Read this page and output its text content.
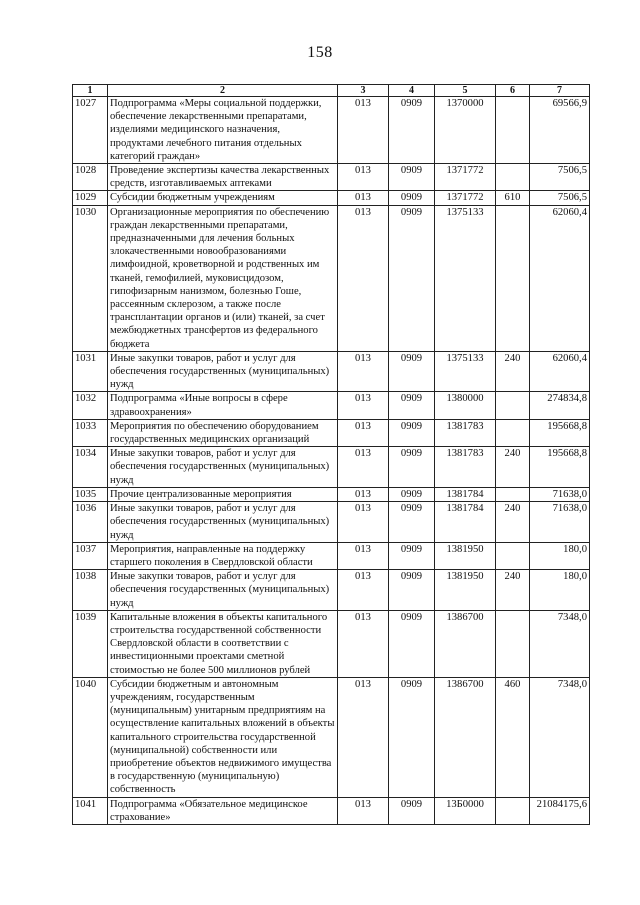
158
1	2	3	4	5	6	7
1027	Подпрограмма «Меры социальной поддержки, обеспечение лекарственными препаратами, изделиями медицинского назначения, продуктами лечебного питания отдельных категорий граждан»	013	0909	1370000		69566,9
1028	Проведение экспертизы качества лекарственных средств, изготавливаемых аптеками	013	0909	1371772		7506,5
1029	Субсидии бюджетным учреждениям	013	0909	1371772	610	7506,5
1030	Организационные мероприятия по обеспечению граждан лекарственными препаратами, предназначенными для лечения больных злокачественными новообразованиями лимфоидной, кроветворной и родственных им тканей, гемофилией, муковисцидозом, гипофизарным нанизмом, болезнью Гоше, рассеянным склерозом, а также после трансплантации органов и (или) тканей, за счет межбюджетных трансфертов из федерального бюджета	013	0909	1375133		62060,4
1031	Иные закупки товаров, работ и услуг для обеспечения государственных (муниципальных) нужд	013	0909	1375133	240	62060,4
1032	Подпрограмма «Иные вопросы в сфере здравоохранения»	013	0909	1380000		274834,8
1033	Мероприятия по обеспечению оборудованием государственных медицинских организаций	013	0909	1381783		195668,8
1034	Иные закупки товаров, работ и услуг для обеспечения государственных (муниципальных) нужд	013	0909	1381783	240	195668,8
1035	Прочие централизованные мероприятия	013	0909	1381784		71638,0
1036	Иные закупки товаров, работ и услуг для обеспечения государственных (муниципальных) нужд	013	0909	1381784	240	71638,0
1037	Мероприятия, направленные на поддержку старшего поколения в Свердловской области	013	0909	1381950		180,0
1038	Иные закупки товаров, работ и услуг для обеспечения государственных (муниципальных) нужд	013	0909	1381950	240	180,0
1039	Капитальные вложения в объекты капитального строительства государственной собственности Свердловской области в соответствии с инвестиционными проектами сметной стоимостью не более 500 миллионов рублей	013	0909	1386700		7348,0
1040	Субсидии бюджетным и автономным учреждениям, государственным (муниципальным) унитарным предприятиям на осуществление капитальных вложений в объекты капитального строительства государственной (муниципальной) собственности или приобретение объектов недвижимого имущества в государственную (муниципальную) собственность	013	0909	1386700	460	7348,0
1041	Подпрограмма «Обязательное медицинское страхование»	013	0909	13Б0000		21084175,6
